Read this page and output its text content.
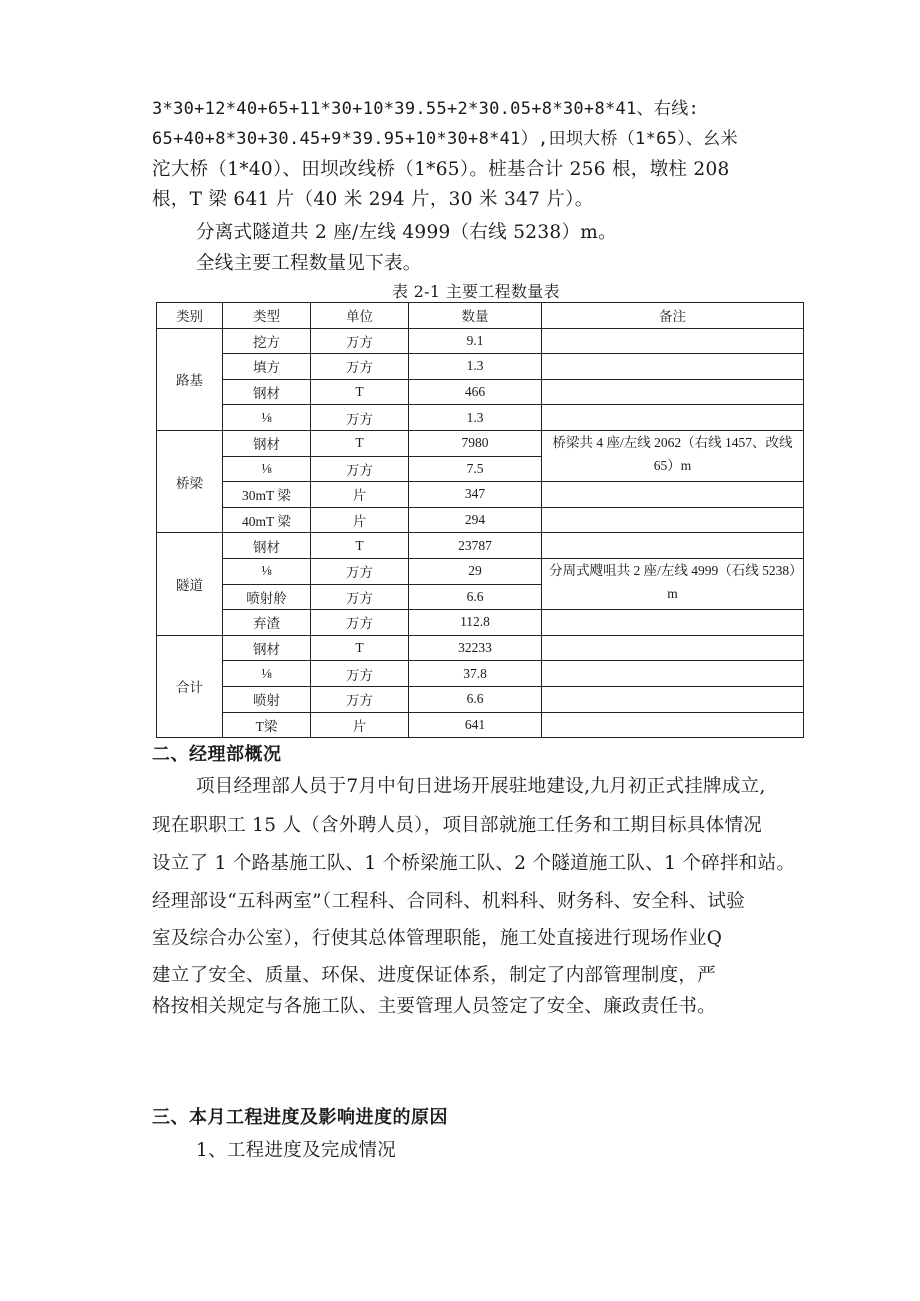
3*30+12*40+65+11*30+10*39.55+2*30.05+8*30+8*41、右线:

65+40+8*30+30.45+9*39.95+10*30+8*41）,田坝大桥（1*65）、幺米

沱大桥（1*40）、田坝改线桥（1*65）。桩基合计 256 根，墩柱 208

根，T 梁 641 片（40 米 294 片，30 米 347 片）。

分离式隧道共 2 座/左线 4999（右线 5238）m。

全线主要工程数量见下表。

表 2-1 主要工程数量表

类别	类型	单位	数量	备注
路基	挖方	万方	9.1	
	填方	万方	1.3	
	钢材	T	466	
	⅛	万方	1.3	
桥梁	钢材	T	7980	桥梁共 4 座/左线 2062（右线 1457、改线 65）m
	⅛	万方	7.5	
	30mT 梁	片	347	
	40mT 梁	片	294	
隧道	钢材	T	23787	
	⅛	万方	29	分周式飕咀共 2 座/左线 4999（石线 5238）m
	喷射舲	万方	6.6	
	弃渣	万方	112.8	
合计	钢材	T	32233	
	⅛	万方	37.8	
	喷射	万方	6.6	
	T梁	片	641	

二、经理部概况

项目经理部人员于7月中旬日进场开展驻地建设,九月初正式挂牌成立,

现在职职工 15 人（含外聘人员），项目部就施工任务和工期目标具体情况

设立了 1 个路基施工队、1 个桥梁施工队、2 个隧道施工队、1 个碎拌和站。

经理部设“五科两室”（工程科、合同科、机料科、财务科、安全科、试验

室及综合办公室），行使其总体管理职能，施工处直接进行现场作业Q

建立了安全、质量、环保、进度保证体系，制定了内部管理制度，严

格按相关规定与各施工队、主要管理人员签定了安全、廉政责任书。

三、本月工程进度及影响进度的原因

1、工程进度及完成情况
